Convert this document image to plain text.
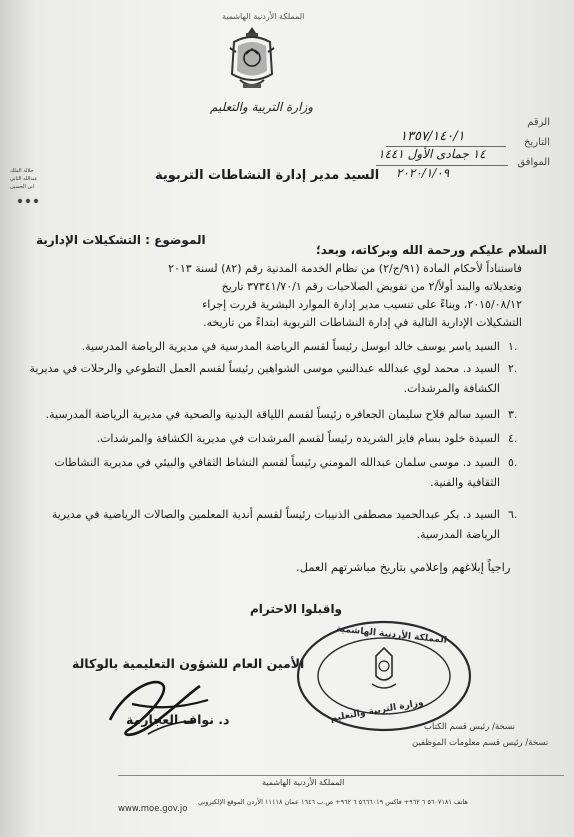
المملكة الأردنية الهاشمية
وزارة التربية والتعليم
جلالة الملك
عبدالله الثاني
ابن الحسين
الرقم
التاريخ
الموافق
١٣٥٧/١٤٠/١
١٤ جمادى الأول ١٤٤١
٢٠٢٠/١/٠٩
السيد مدير إدارة النشاطات التربوية
الموضوع : التشكيلات الإدارية
السلام عليكم ورحمة الله وبركاته، وبعد؛
فاستناداً لأحكام المادة (٩١/ج/٢) من نظام الخدمة المدنية رقم (٨٢) لسنة ٢٠١٣
وتعديلاته والبند أولاً/٢ من تفويض الصلاحيات رقم ٣٧٣٤١/٧٠/١ تاريخ
٢٠١٥/٠٨/١٢، وبناءً على تنسيب مدير إدارة الموارد البشرية قررت إجراء
التشكيلات الإدارية التالية في إدارة النشاطات التربوية ابتداءً من تاريخه.
١.
السيد ياسر يوسف خالد ابوسل رئيساً لقسم الرياضة المدرسية في مديرية الرياضة المدرسية.
٢.
السيد د. محمد لوي عبدالله عبدالنبي موسى الشواهين رئيساً لقسم العمل التطوعي والرحلات في مديرية
الكشافة والمرشدات.
٣.
السيد سالم فلاح سليمان الجعافره رئيساً لقسم اللياقة البدنية والصحية في مديرية الرياضة المدرسية.
٤.
السيدة خلود بسام فايز الشريده رئيساً لقسم المرشدات في مديرية الكشافة والمرشدات.
٥.
السيد د. موسى سلمان عبدالله المومني رئيساً لقسم النشاط الثقافي والبيئي في مديرية النشاطات
الثقافية والفنية.
٦.
السيد د. بكر عبدالحميد مصطفى الذنيبات رئيساً لقسم أندية المعلمين والصالات الرياضية في مديرية
الرياضة المدرسية.
راجياً إبلاغهم وإعلامي بتاريخ مباشرتهم العمل.
واقبلوا الاحترام
الأمين العام للشؤون التعليمية بالوكالة
د. نواف العجارمة
المملكة الأردنية الهاشمية
وزارة التربية والتعليم
نسخة/ رئيس قسم الكتاب
نسخة/ رئيس قسم معلومات الموظفين
المملكة الأردنية الهاشمية
هاتف ٥٦٠٧١٨١ ٦ ٩٦٢+ فاكس ٥٦٦٦٠١٩ ٦ ٩٦٢+ ص.ب ١٦٤٦ عمان ١١١١٨ الأردن الموقع الإلكتروني
www.moe.gov.jo
